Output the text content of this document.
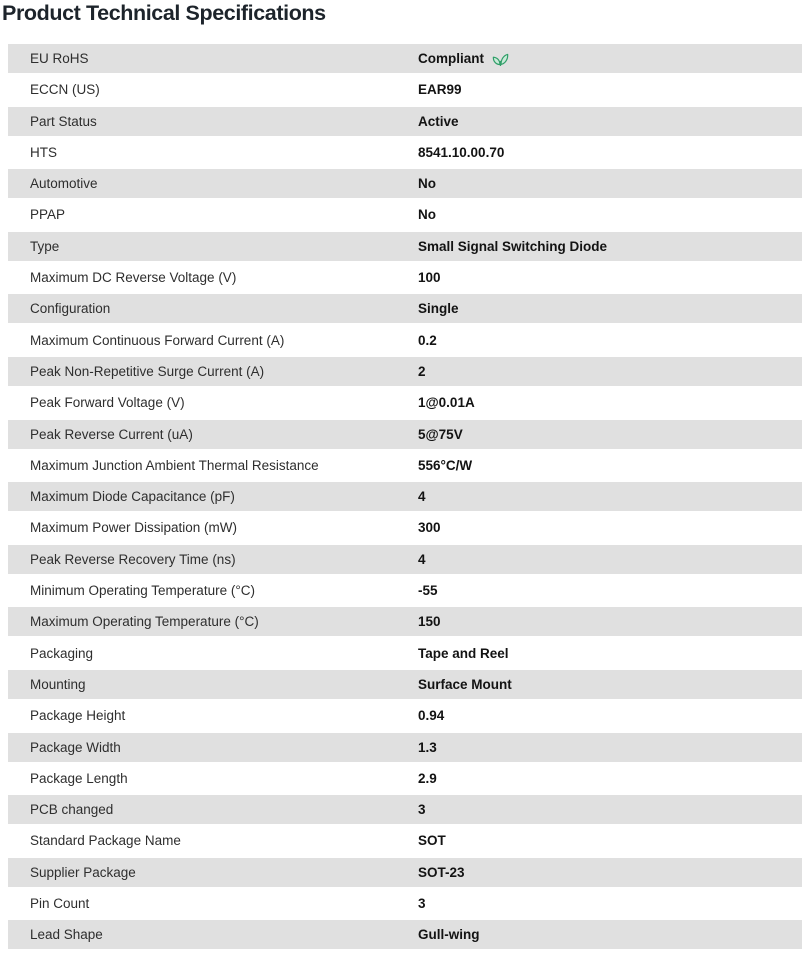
Product Technical Specifications
EU RoHS	Compliant
ECCN (US)	EAR99
Part Status	Active
HTS	8541.10.00.70
Automotive	No
PPAP	No
Type	Small Signal Switching Diode
Maximum DC Reverse Voltage (V)	100
Configuration	Single
Maximum Continuous Forward Current (A)	0.2
Peak Non-Repetitive Surge Current (A)	2
Peak Forward Voltage (V)	1@0.01A
Peak Reverse Current (uA)	5@75V
Maximum Junction Ambient Thermal Resistance	556°C/W
Maximum Diode Capacitance (pF)	4
Maximum Power Dissipation (mW)	300
Peak Reverse Recovery Time (ns)	4
Minimum Operating Temperature (°C)	-55
Maximum Operating Temperature (°C)	150
Packaging	Tape and Reel
Mounting	Surface Mount
Package Height	0.94
Package Width	1.3
Package Length	2.9
PCB changed	3
Standard Package Name	SOT
Supplier Package	SOT-23
Pin Count	3
Lead Shape	Gull-wing
